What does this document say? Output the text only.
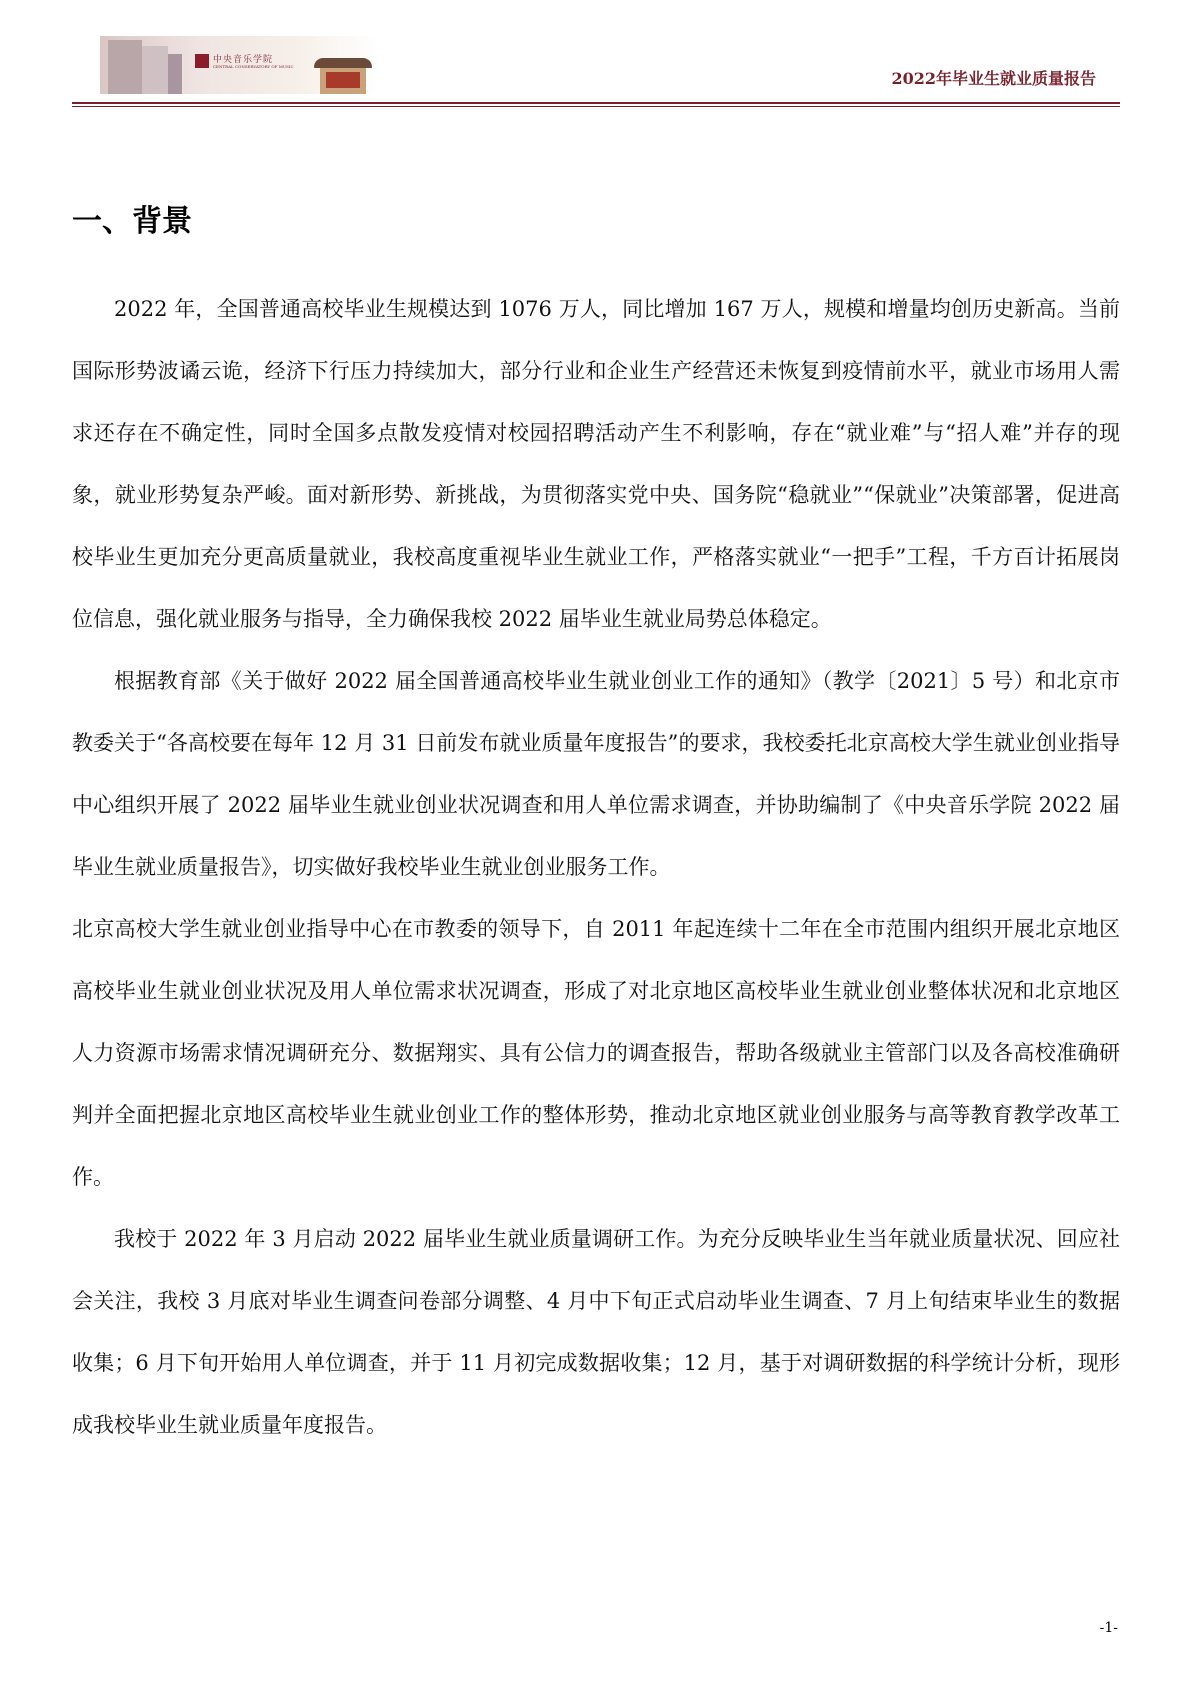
中央音乐学院
CENTRAL CONSERVATORY OF MUSIC
2022年毕业生就业质量报告
一、背景

2022 年，全国普通高校毕业生规模达到 1076 万人，同比增加 167 万人，规模和增量均创历史新高。当前国际形势波谲云诡，经济下行压力持续加大，部分行业和企业生产经营还未恢复到疫情前水平，就业市场用人需求还存在不确定性，同时全国多点散发疫情对校园招聘活动产生不利影响，存在“就业难”与“招人难”并存的现象，就业形势复杂严峻。面对新形势、新挑战，为贯彻落实党中央、国务院“稳就业”“保就业”决策部署，促进高校毕业生更加充分更高质量就业，我校高度重视毕业生就业工作，严格落实就业“一把手”工程，千方百计拓展岗位信息，强化就业服务与指导，全力确保我校 2022 届毕业生就业局势总体稳定。

根据教育部《关于做好 2022 届全国普通高校毕业生就业创业工作的通知》（教学〔2021〕5 号）和北京市教委关于“各高校要在每年 12 月 31 日前发布就业质量年度报告”的要求，我校委托北京高校大学生就业创业指导中心组织开展了 2022 届毕业生就业创业状况调查和用人单位需求调查，并协助编制了《中央音乐学院 2022 届毕业生就业质量报告》，切实做好我校毕业生就业创业服务工作。

北京高校大学生就业创业指导中心在市教委的领导下，自 2011 年起连续十二年在全市范围内组织开展北京地区高校毕业生就业创业状况及用人单位需求状况调查，形成了对北京地区高校毕业生就业创业整体状况和北京地区人力资源市场需求情况调研充分、数据翔实、具有公信力的调查报告，帮助各级就业主管部门以及各高校准确研判并全面把握北京地区高校毕业生就业创业工作的整体形势，推动北京地区就业创业服务与高等教育教学改革工作。

我校于 2022 年 3 月启动 2022 届毕业生就业质量调研工作。为充分反映毕业生当年就业质量状况、回应社会关注，我校 3 月底对毕业生调查问卷部分调整、4 月中下旬正式启动毕业生调查、7 月上旬结束毕业生的数据收集；6 月下旬开始用人单位调查，并于 11 月初完成数据收集；12 月，基于对调研数据的科学统计分析，现形成我校毕业生就业质量年度报告。

-1-
